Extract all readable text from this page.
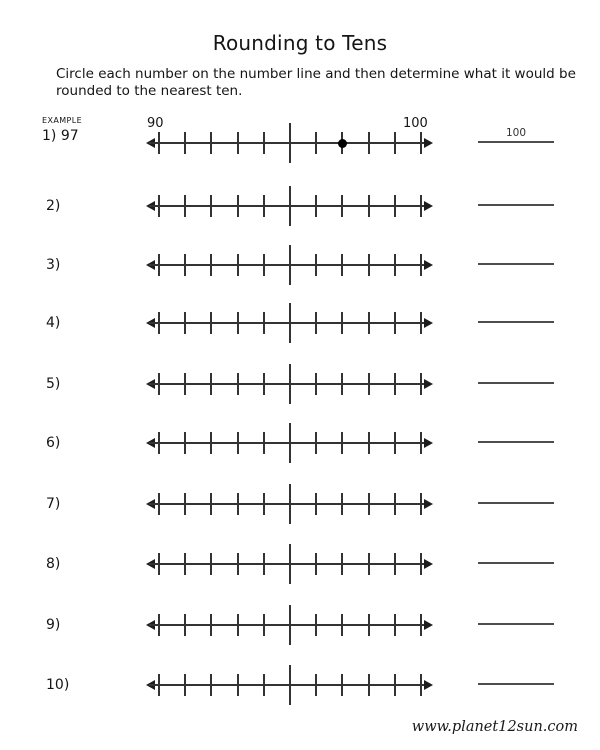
Rounding to Tens
Circle each number on the number line and then determine what it would be
rounded to the nearest ten.
EXAMPLE
1) 97
90	100
100
2)
3)
4)
5)
6)
7)
8)
9)
10)
www.planet12sun.com
